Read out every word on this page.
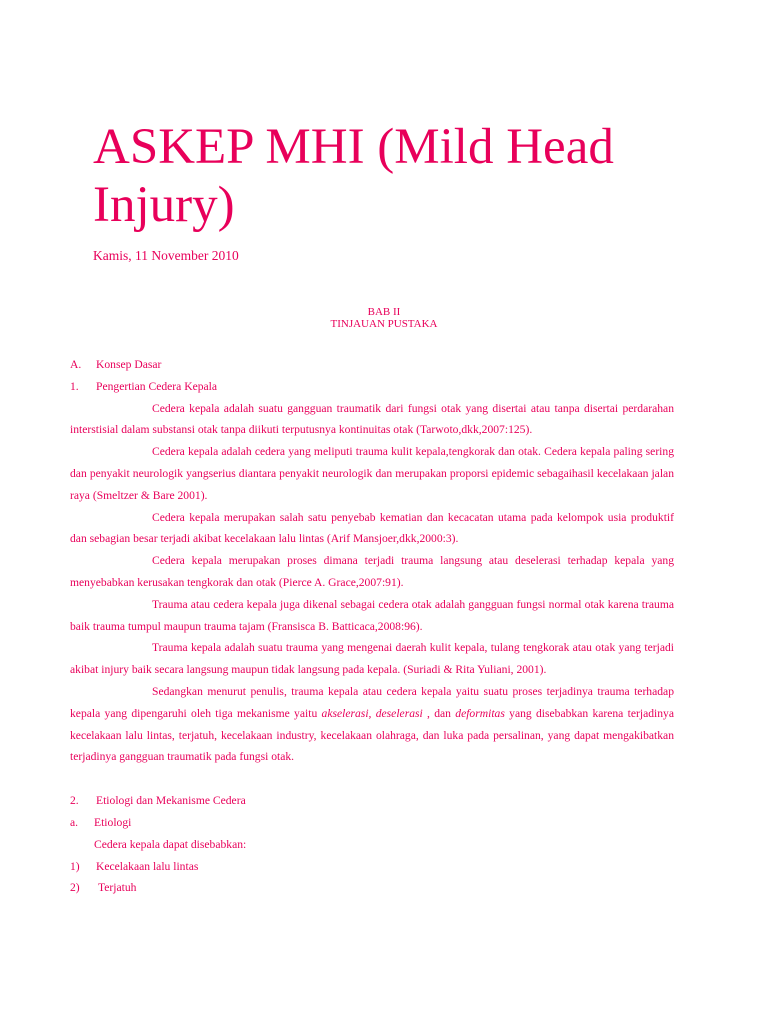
ASKEP MHI (Mild Head Injury)
Kamis, 11 November 2010
BAB II
TINJAUAN PUSTAKA
A. Konsep Dasar
1. Pengertian Cedera Kepala

Cedera kepala adalah suatu gangguan traumatik dari fungsi otak yang disertai atau tanpa disertai perdarahan interstisial dalam substansi otak tanpa diikuti terputusnya kontinuitas otak (Tarwoto,dkk,2007:125).

Cedera kepala adalah cedera yang meliputi trauma kulit kepala,tengkorak dan otak. Cedera kepala paling sering dan penyakit neurologik yangserius diantara penyakit neurologik dan merupakan proporsi epidemic sebagaihasil kecelakaan jalan raya (Smeltzer & Bare 2001).

Cedera kepala merupakan salah satu penyebab kematian dan kecacatan utama pada kelompok usia produktif dan sebagian besar terjadi akibat kecelakaan lalu lintas (Arif Mansjoer,dkk,2000:3).

Cedera kepala merupakan proses dimana terjadi trauma langsung atau deselerasi terhadap kepala yang menyebabkan kerusakan tengkorak dan otak (Pierce A. Grace,2007:91).

Trauma atau cedera kepala juga dikenal sebagai cedera otak adalah gangguan fungsi normal otak karena trauma baik trauma tumpul maupun trauma tajam (Fransisca B. Batticaca,2008:96).

Trauma kepala adalah suatu trauma yang mengenai daerah kulit kepala, tulang tengkorak atau otak yang terjadi akibat injury baik secara langsung maupun tidak langsung pada kepala. (Suriadi & Rita Yuliani, 2001).

Sedangkan menurut penulis, trauma kepala atau cedera kepala yaitu suatu proses terjadinya trauma terhadap kepala yang dipengaruhi oleh tiga mekanisme yaitu akselerasi, deselerasi , dan deformitas yang disebabkan karena terjadinya kecelakaan lalu lintas, terjatuh, kecelakaan industry, kecelakaan olahraga, dan luka pada persalinan, yang dapat mengakibatkan terjadinya gangguan traumatik pada fungsi otak.

2. Etiologi dan Mekanisme Cedera
a. Etiologi
Cedera kepala dapat disebabkan:
1) Kecelakaan lalu lintas
2) Terjatuh
